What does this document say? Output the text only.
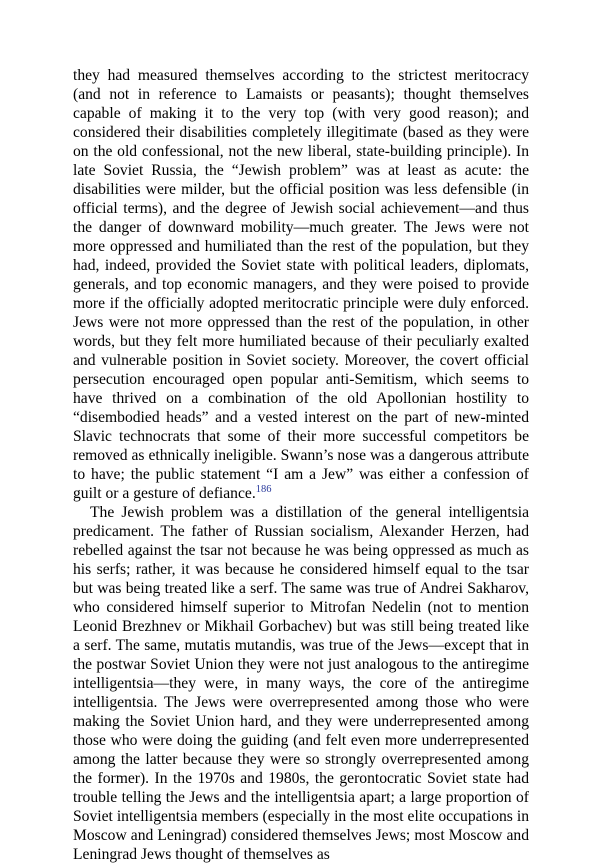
they had measured themselves according to the strictest meritocracy (and not in reference to Lamaists or peasants); thought themselves capable of making it to the very top (with very good reason); and considered their disabilities completely illegitimate (based as they were on the old confessional, not the new liberal, state-building principle). In late Soviet Russia, the “Jewish problem” was at least as acute: the disabilities were milder, but the official position was less defensible (in official terms), and the degree of Jewish social achievement—and thus the danger of downward mobility—much greater. The Jews were not more oppressed and humiliated than the rest of the population, but they had, indeed, provided the Soviet state with political leaders, diplomats, generals, and top economic managers, and they were poised to provide more if the officially adopted meritocratic principle were duly enforced. Jews were not more oppressed than the rest of the population, in other words, but they felt more humiliated because of their peculiarly exalted and vulnerable position in Soviet society. Moreover, the covert official persecution encouraged open popular anti-Semitism, which seems to have thrived on a combination of the old Apollonian hostility to “disembodied heads” and a vested interest on the part of new-minted Slavic technocrats that some of their more successful competitors be removed as ethnically ineligible. Swann’s nose was a dangerous attribute to have; the public statement “I am a Jew” was either a confession of guilt or a gesture of defiance.$^{186}$

The Jewish problem was a distillation of the general intelligentsia predicament. The father of Russian socialism, Alexander Herzen, had rebelled against the tsar not because he was being oppressed as much as his serfs; rather, it was because he considered himself equal to the tsar but was being treated like a serf. The same was true of Andrei Sakharov, who considered himself superior to Mitrofan Nedelin (not to mention Leonid Brezhnev or Mikhail Gorbachev) but was still being treated like a serf. The same, mutatis mutandis, was true of the Jews—except that in the postwar Soviet Union they were not just analogous to the antiregime intelligentsia—they were, in many ways, the core of the antiregime intelligentsia. The Jews were overrepresented among those who were making the Soviet Union hard, and they were underrepresented among those who were doing the guiding (and felt even more underrepresented among the latter because they were so strongly overrepresented among the former). In the 1970s and 1980s, the gerontocratic Soviet state had trouble telling the Jews and the intelligentsia apart; a large proportion of Soviet intelligentsia members (especially in the most elite occupations in Moscow and Leningrad) considered themselves Jews; most Moscow and Leningrad Jews thought of themselves as
